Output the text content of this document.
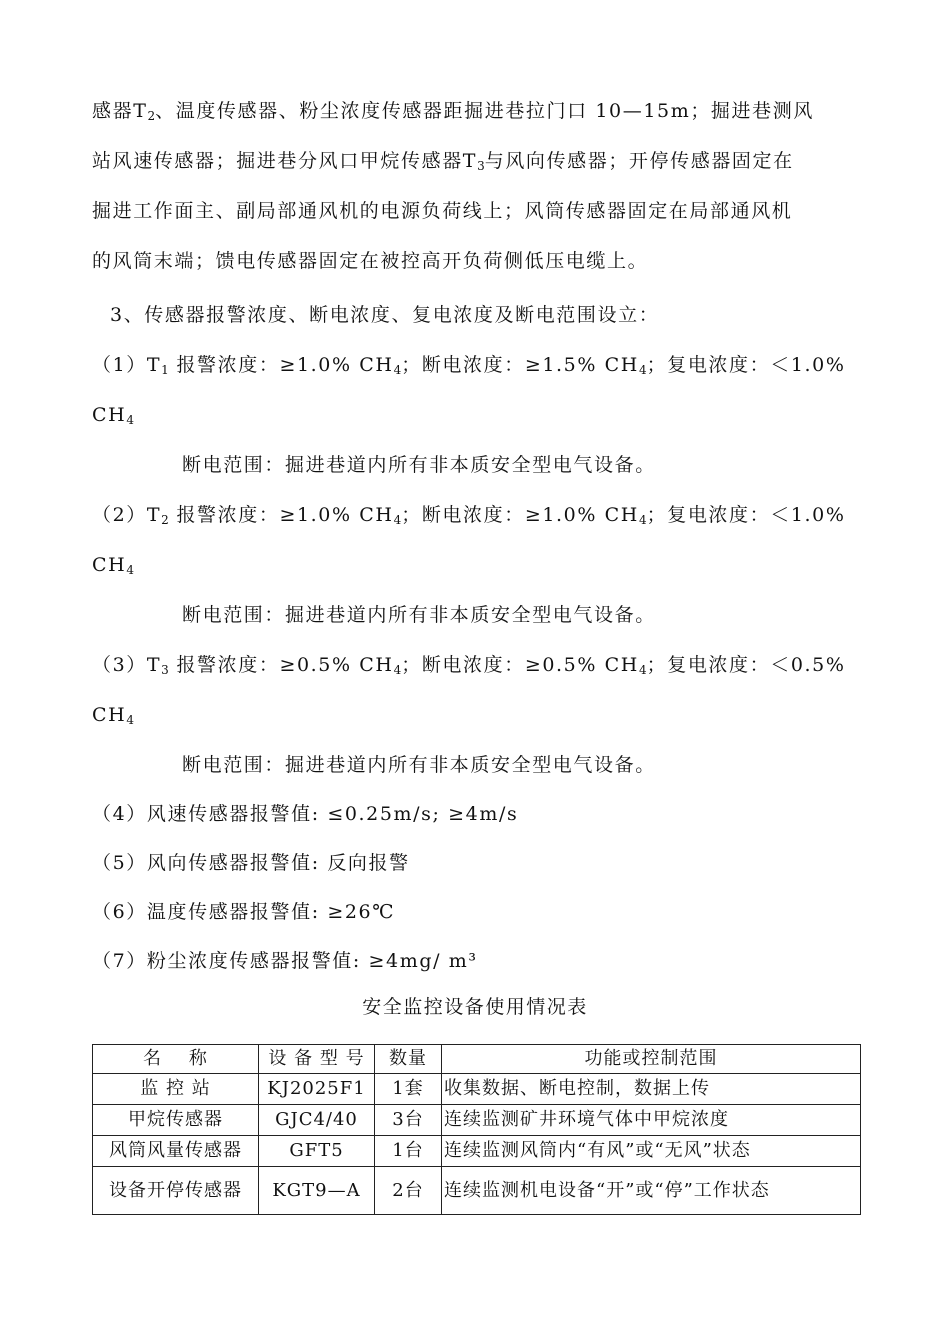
感器$T_2$、温度传感器、粉尘浓度传感器距掘进巷拉门口 10—15m；掘进巷测风
站风速传感器；掘进巷分风口甲烷传感器$T_3$与风向传感器；开停传感器固定在
掘进工作面主、副局部通风机的电源负荷线上；风筒传感器固定在局部通风机
的风筒末端；馈电传感器固定在被控高开负荷侧低压电缆上。
3、传感器报警浓度、断电浓度、复电浓度及断电范围设立：
$(1)T_1$ 报警浓度：≥1.0% $CH_4$；断电浓度：≥1.5% $CH_4$；复电浓度：＜1.0%
$CH_4$
断电范围：掘进巷道内所有非本质安全型电气设备。
$(2)T_2$ 报警浓度：≥1.0% $CH_4$；断电浓度：≥1.0% $CH_4$；复电浓度：＜1.0%
$CH_4$
断电范围：掘进巷道内所有非本质安全型电气设备。
$(3)T_3$ 报警浓度：≥0.5% $CH_4$；断电浓度：≥0.5% $CH_4$；复电浓度：＜0.5%
$CH_4$
断电范围：掘进巷道内所有非本质安全型电气设备。
（4）风速传感器报警值: ≤0.25m/s; ≥4m/s
（5）风向传感器报警值: 反向报警
（6）温度传感器报警值: ≥26℃
（7）粉尘浓度传感器报警值: ≥4mg/ m³
安全监控设备使用情况表
名    称	设 备 型 号	数量	功能或控制范围
监 控 站	KJ2025F1	1套	收集数据、断电控制，数据上传
甲烷传感器	GJC4/40	3台	连续监测矿井环境气体中甲烷浓度
风筒风量传感器	GFT5	1台	连续监测风筒内“有风”或“无风”状态
设备开停传感器	KGT9—A	2台	连续监测机电设备“开”或“停”工作状态
